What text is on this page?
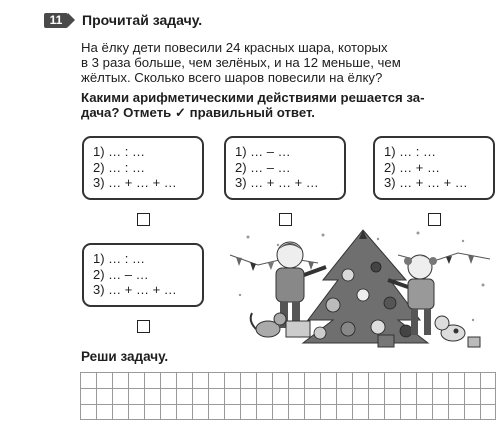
11	Прочитай задачу.
На ёлку дети повесили 24 красных шара, которых
в 3 раза больше, чем зелёных, и на 12 меньше, чем
жёлтых. Сколько всего шаров повесили на ёлку?
Какими арифметическими действиями решается за-
дача? Отметь ✓ правильный ответ.
1) … : …
2) … : …
3) … + … + …
1) … – …
2) … – …
3) … + … + …
1) … : …
2) … + …
3) … + … + …
1) … : …
2) … – …
3) … + … + …
Реши задачу.
